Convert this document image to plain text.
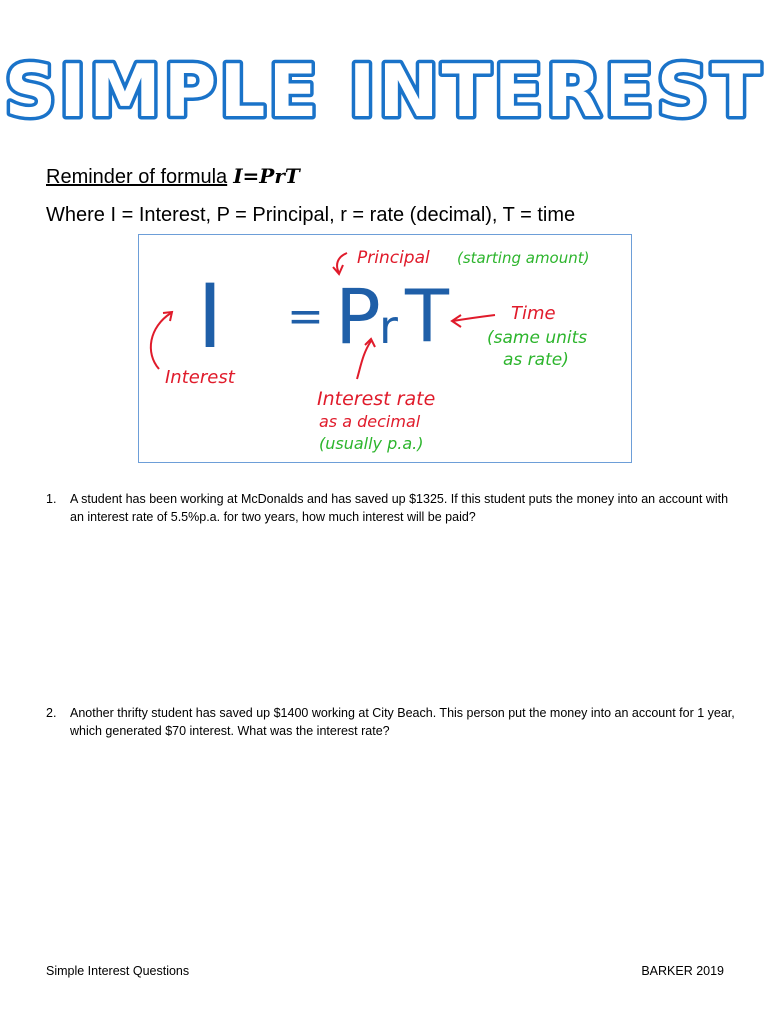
SIMPLE INTEREST
Reminder of formula I=PrT
Where I = Interest, P = Principal, r = rate (decimal), T = time
I = P
r T
Principal (starting amount)
Time
(same units
as rate)
Interest
Interest rate
as a decimal
(usually p.a.)
1. A student has been working at McDonalds and has saved up $1325. If this student puts the money into an account with an interest rate of 5.5%p.a. for two years, how much interest will be paid?
2. Another thrifty student has saved up $1400 working at City Beach. This person put the money into an account for 1 year, which generated $70 interest. What was the interest rate?
Simple Interest Questions	BARKER 2019
